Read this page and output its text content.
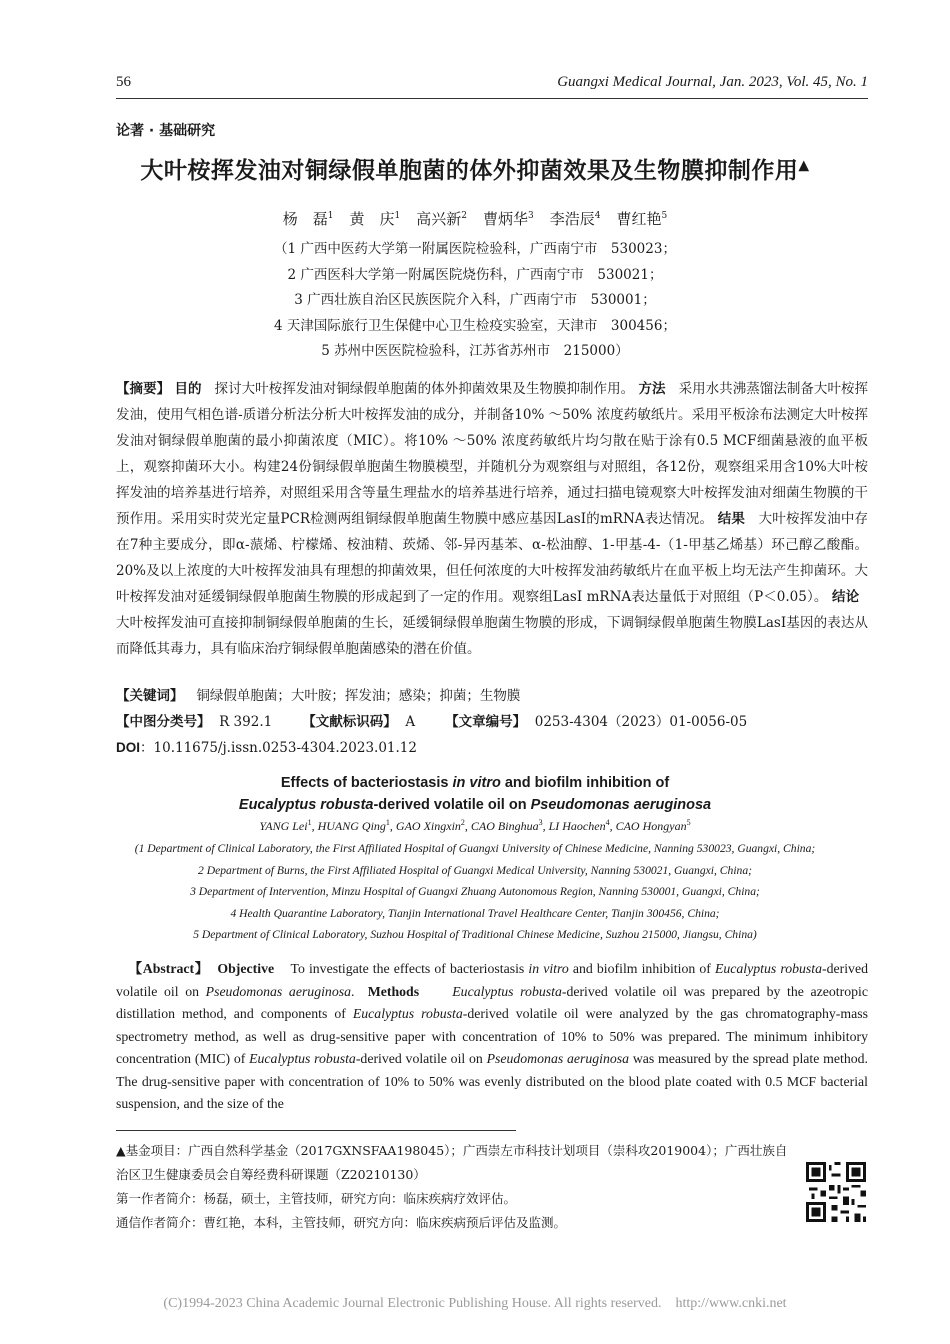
56	Guangxi Medical Journal, Jan. 2023, Vol. 45, No. 1
论著 · 基础研究
大叶桉挥发油对铜绿假单胞菌的体外抑菌效果及生物膜抑制作用▲
杨　磊$^1$ 黄　庆$^1$ 高兴新$^2$ 曹炳华$^3$ 李浩辰$^4$ 曹红艳$^5$
（1 广西中医药大学第一附属医院检验科，广西南宁市　530023；
2 广西医科大学第一附属医院烧伤科，广西南宁市　530021；
3 广西壮族自治区民族医院介入科，广西南宁市　530001；
4 天津国际旅行卫生保健中心卫生检疫实验室，天津市　300456；
5 苏州中医医院检验科，江苏省苏州市　215000）
【摘要】 目的 探讨大叶桉挥发油对铜绿假单胞菌的体外抑菌效果及生物膜抑制作用。 方法 采用水共沸蒸馏法制备大叶桉挥发油，使用气相色谱-质谱分析法分析大叶桉挥发油的成分，并制备10% ～50% 浓度药敏纸片。采用平板涂布法测定大叶桉挥发油对铜绿假单胞菌的最小抑菌浓度（MIC）。将10% ～50% 浓度药敏纸片均匀散在贴于涂有0.5 MCF细菌悬液的血平板上，观察抑菌环大小。构建24份铜绿假单胞菌生物膜模型，并随机分为观察组与对照组，各12份，观察组采用含10%大叶桉挥发油的培养基进行培养，对照组采用含等量生理盐水的培养基进行培养，通过扫描电镜观察大叶桉挥发油对细菌生物膜的干预作用。采用实时荧光定量PCR检测两组铜绿假单胞菌生物膜中感应基因LasI的mRNA表达情况。 结果 大叶桉挥发油中存在7种主要成分，即α-蒎烯、柠檬烯、桉油精、莰烯、邻-异丙基苯、α-松油醇、1-甲基-4-（1-甲基乙烯基）环己醇乙酸酯。20%及以上浓度的大叶桉挥发油具有理想的抑菌效果，但任何浓度的大叶桉挥发油药敏纸片在血平板上均无法产生抑菌环。大叶桉挥发油对延缓铜绿假单胞菌生物膜的形成起到了一定的作用。观察组LasI mRNA表达量低于对照组（P＜0.05）。 结论   大叶桉挥发油可直接抑制铜绿假单胞菌的生长，延缓铜绿假单胞菌生物膜的形成，下调铜绿假单胞菌生物膜LasI基因的表达从而降低其毒力，具有临床治疗铜绿假单胞菌感染的潜在价值。
【关键词】 铜绿假单胞菌；大叶胺；挥发油；感染；抑菌；生物膜
【中图分类号】 R 392.1 【文献标识码】 A 【文章编号】 0253-4304（2023）01-0056-05
DOI：10.11675/j.issn.0253-4304.2023.01.12
Effects of bacteriostasis in vitro and biofilm inhibition of
Eucalyptus robusta-derived volatile oil on Pseudomonas aeruginosa
YANG Lei$^1$, HUANG Qing$^1$, GAO Xingxin$^2$, CAO Binghua$^3$, LI Haochen$^4$, CAO Hongyan$^5$
(1 Department of Clinical Laboratory, the First Affiliated Hospital of Guangxi University of Chinese Medicine, Nanning 530023, Guangxi, China;
2 Department of Burns, the First Affiliated Hospital of Guangxi Medical University, Nanning 530021, Guangxi, China;
3 Department of Intervention, Minzu Hospital of Guangxi Zhuang Autonomous Region, Nanning 530001, Guangxi, China;
4 Health Quarantine Laboratory, Tianjin International Travel Healthcare Center, Tianjin 300456, China;
5 Department of Clinical Laboratory, Suzhou Hospital of Traditional Chinese Medicine, Suzhou 215000, Jiangsu, China)
【Abstract】 Objective To investigate the effects of bacteriostasis in vitro and biofilm inhibition of Eucalyptus robusta-derived volatile oil on Pseudomonas aeruginosa. Methods Eucalyptus robusta-derived volatile oil was prepared by the azeotropic distillation method, and components of Eucalyptus robusta-derived volatile oil were analyzed by the gas chromatography-mass spectrometry method, as well as drug-sensitive paper with concentration of 10% to 50% was prepared. The minimum inhibitory concentration (MIC) of Eucalyptus robusta-derived volatile oil on Pseudomonas aeruginosa was measured by the spread plate method. The drug-sensitive paper with concentration of 10% to 50% was evenly distributed on the blood plate coated with 0.5 MCF bacterial suspension, and the size of the
▲基金项目：广西自然科学基金（2017GXNSFAA198045）；广西崇左市科技计划项目（崇科攻2019004）；广西壮族自治区卫生健康委员会自筹经费科研课题（Z20210130）
第一作者简介：杨磊，硕士，主管技师，研究方向：临床疾病疗效评估。
通信作者简介：曹红艳，本科，主管技师，研究方向：临床疾病预后评估及监测。
(C)1994-2023 China Academic Journal Electronic Publishing House. All rights reserved.    http://www.cnki.net
